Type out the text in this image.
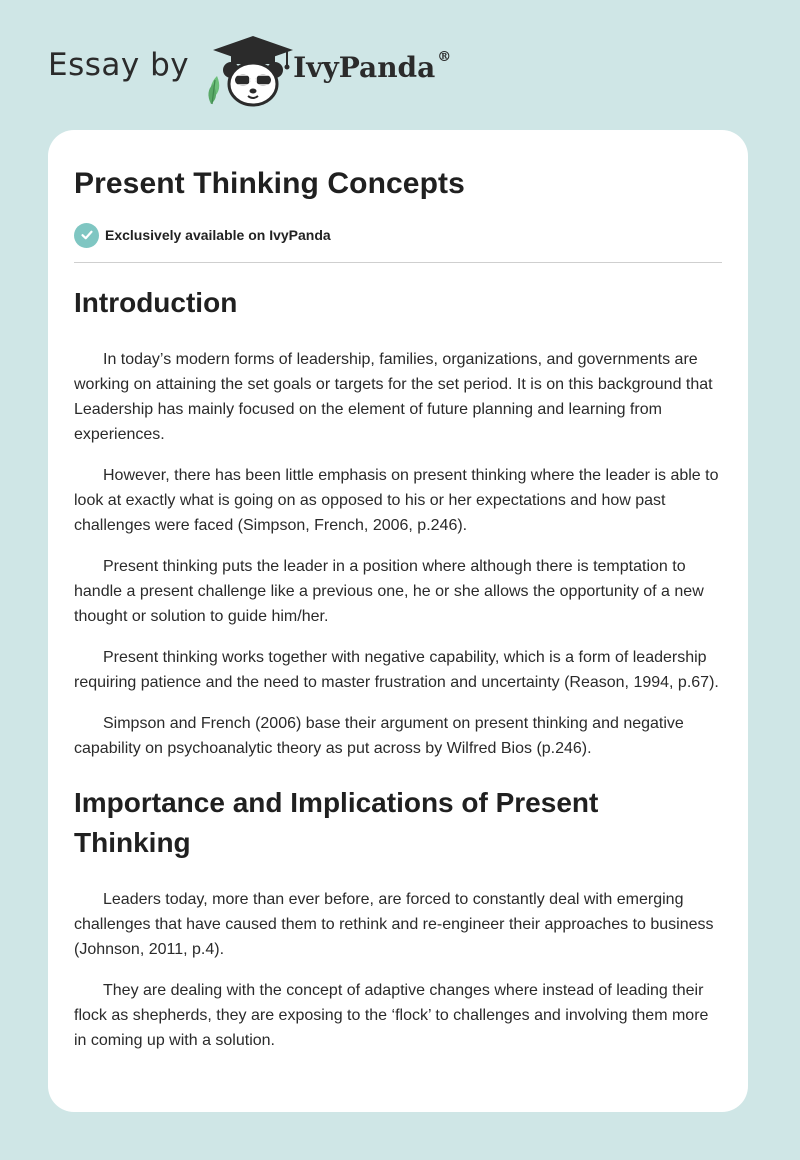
Essay by	IvyPanda ®
Present Thinking Concepts
Exclusively available on IvyPanda
Introduction

In today’s modern forms of leadership, families, organizations, and governments are working on attaining the set goals or targets for the set period. It is on this background that Leadership has mainly focused on the element of future planning and learning from experiences.

However, there has been little emphasis on present thinking where the leader is able to look at exactly what is going on as opposed to his or her expectations and how past challenges were faced (Simpson, French, 2006, p.246).

Present thinking puts the leader in a position where although there is temptation to handle a present challenge like a previous one, he or she allows the opportunity of a new thought or solution to guide him/her.

Present thinking works together with negative capability, which is a form of leadership requiring patience and the need to master frustration and uncertainty (Reason, 1994, p.67).

Simpson and French (2006) base their argument on present thinking and negative capability on psychoanalytic theory as put across by Wilfred Bios (p.246).

Importance and Implications of Present Thinking

Leaders today, more than ever before, are forced to constantly deal with emerging challenges that have caused them to rethink and re-engineer their approaches to business (Johnson, 2011, p.4).

They are dealing with the concept of adaptive changes where instead of leading their flock as shepherds, they are exposing to the ‘flock’ to challenges and involving them more in coming up with a solution.
